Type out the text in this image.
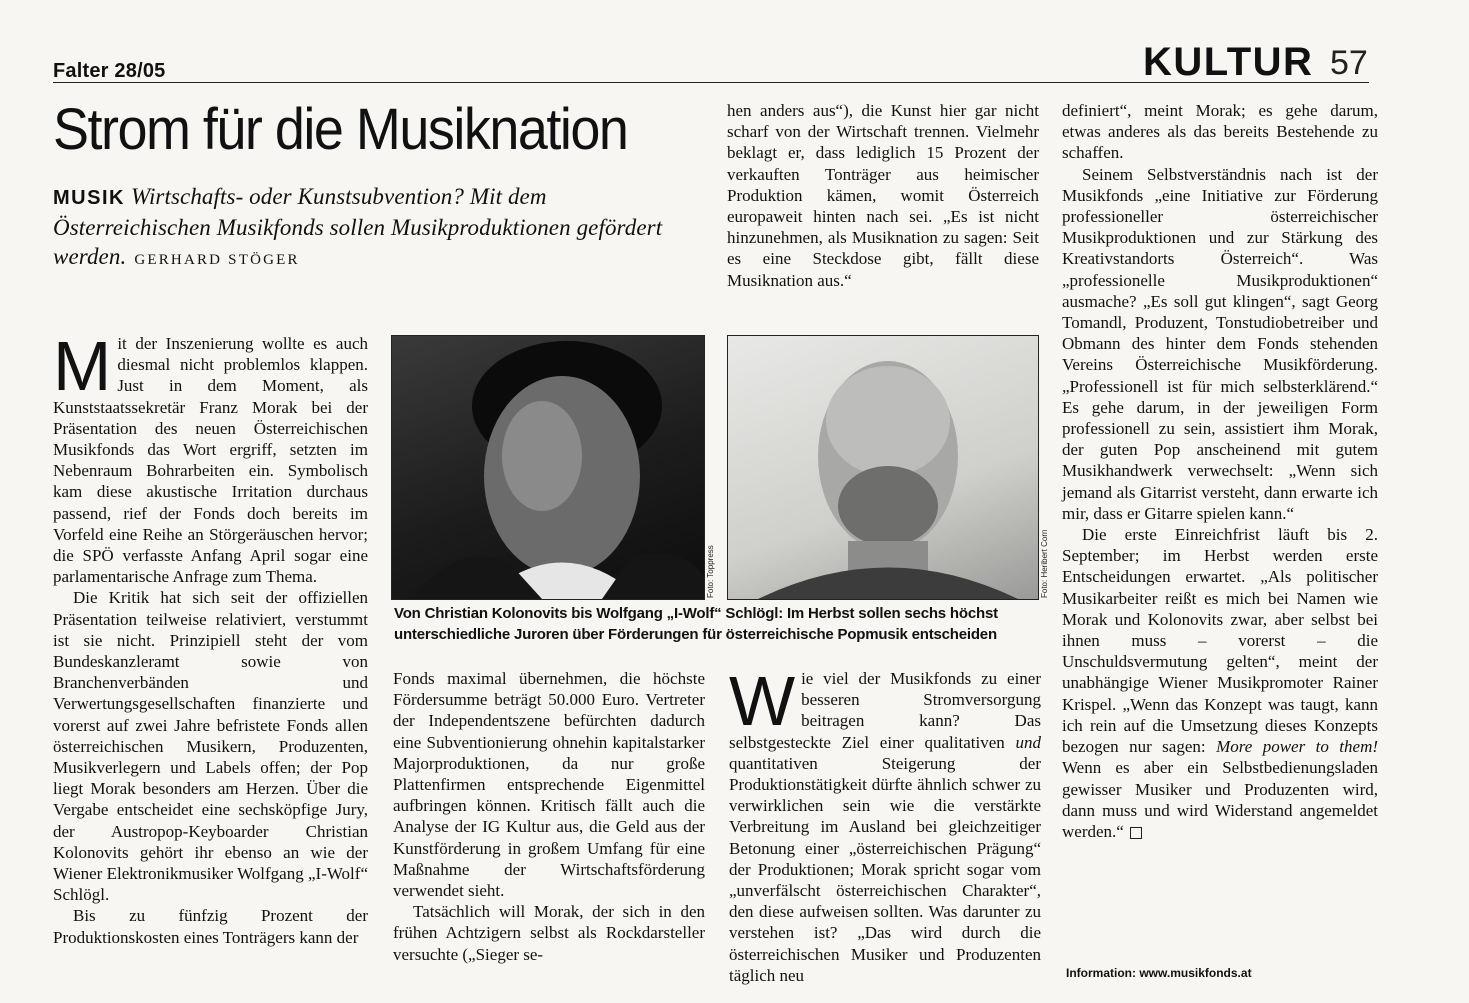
Falter 28/05	KULTUR 57
Strom für die Musiknation
MUSIK Wirtschafts- oder Kunstsubvention? Mit dem Österreichischen Musikfonds sollen Musikproduktionen gefördert werden. GERHARD STÖGER

Mit der Inszenierung wollte es auch diesmal nicht problemlos klappen. Just in dem Moment, als Kunststaatssekretär Franz Morak bei der Präsentation des neuen Österreichischen Musikfonds das Wort ergriff, setzten im Nebenraum Bohrarbeiten ein. Symbolisch kam diese akustische Irritation durchaus passend, rief der Fonds doch bereits im Vorfeld eine Reihe an Störgeräuschen hervor; die SPÖ verfasste Anfang April sogar eine parlamentarische Anfrage zum Thema.

Die Kritik hat sich seit der offiziellen Präsentation teilweise relativiert, verstummt ist sie nicht. Prinzipiell steht der vom Bundeskanzleramt sowie von Branchenverbänden und Verwertungsgesellschaften finanzierte und vorerst auf zwei Jahre befristete Fonds allen österreichischen Musikern, Produzenten, Musikverlegern und Labels offen; der Pop liegt Morak besonders am Herzen. Über die Vergabe entscheidet eine sechsköpfige Jury, der Austropop-Keyboarder Christian Kolonovits gehört ihr ebenso an wie der Wiener Elektronikmusiker Wolfgang „I-Wolf“ Schlögl.

Bis zu fünfzig Prozent der Produktionskosten eines Tonträgers kann der

Foto: Toppress	Foto: Heribert Corn
Von Christian Kolonovits bis Wolfgang „I-Wolf“ Schlögl: Im Herbst sollen sechs höchst unterschiedliche Juroren über Förderungen für österreichische Popmusik entscheiden

Fonds maximal übernehmen, die höchste Fördersumme beträgt 50.000 Euro. Vertreter der Independentszene befürchten dadurch eine Subventionierung ohnehin kapitalstarker Majorproduktionen, da nur große Plattenfirmen entsprechende Eigenmittel aufbringen können. Kritisch fällt auch die Analyse der IG Kultur aus, die Geld aus der Kunstförderung in großem Umfang für eine Maßnahme der Wirtschaftsförderung verwendet sieht.

Tatsächlich will Morak, der sich in den frühen Achtzigern selbst als Rockdarsteller versuchte („Sieger se-

hen anders aus“), die Kunst hier gar nicht scharf von der Wirtschaft trennen. Vielmehr beklagt er, dass lediglich 15 Prozent der verkauften Tonträger aus heimischer Produktion kämen, womit Österreich europaweit hinten nach sei. „Es ist nicht hinzunehmen, als Musiknation zu sagen: Seit es eine Steckdose gibt, fällt diese Musiknation aus.“

Wie viel der Musikfonds zu einer besseren Stromversorgung beitragen kann? Das selbstgesteckte Ziel einer qualitativen und quantitativen Steigerung der Produktionstätigkeit dürfte ähnlich schwer zu verwirklichen sein wie die verstärkte Verbreitung im Ausland bei gleichzeitiger Betonung einer „österreichischen Prägung“ der Produktionen; Morak spricht sogar vom „unverfälscht österreichischen Charakter“, den diese aufweisen sollten. Was darunter zu verstehen ist? „Das wird durch die österreichischen Musiker und Produzenten täglich neu

definiert“, meint Morak; es gehe darum, etwas anderes als das bereits Bestehende zu schaffen.

Seinem Selbstverständnis nach ist der Musikfonds „eine Initiative zur Förderung professioneller österreichischer Musikproduktionen und zur Stärkung des Kreativstandorts Österreich“. Was „professionelle Musikproduktionen“ ausmache? „Es soll gut klingen“, sagt Georg Tomandl, Produzent, Tonstudiobetreiber und Obmann des hinter dem Fonds stehenden Vereins Österreichische Musikförderung. „Professionell ist für mich selbsterklärend.“ Es gehe darum, in der jeweiligen Form professionell zu sein, assistiert ihm Morak, der guten Pop anscheinend mit gutem Musikhandwerk verwechselt: „Wenn sich jemand als Gitarrist versteht, dann erwarte ich mir, dass er Gitarre spielen kann.“

Die erste Einreichfrist läuft bis 2. September; im Herbst werden erste Entscheidungen erwartet. „Als politischer Musikarbeiter reißt es mich bei Namen wie Morak und Kolonovits zwar, aber selbst bei ihnen muss – vorerst – die Unschuldsvermutung gelten“, meint der unabhängige Wiener Musikpromoter Rainer Krispel. „Wenn das Konzept was taugt, kann ich rein auf die Umsetzung dieses Konzepts bezogen nur sagen: More power to them! Wenn es aber ein Selbstbedienungsladen gewisser Musiker und Produzenten wird, dann muss und wird Widerstand angemeldet werden.“

Information: www.musikfonds.at
